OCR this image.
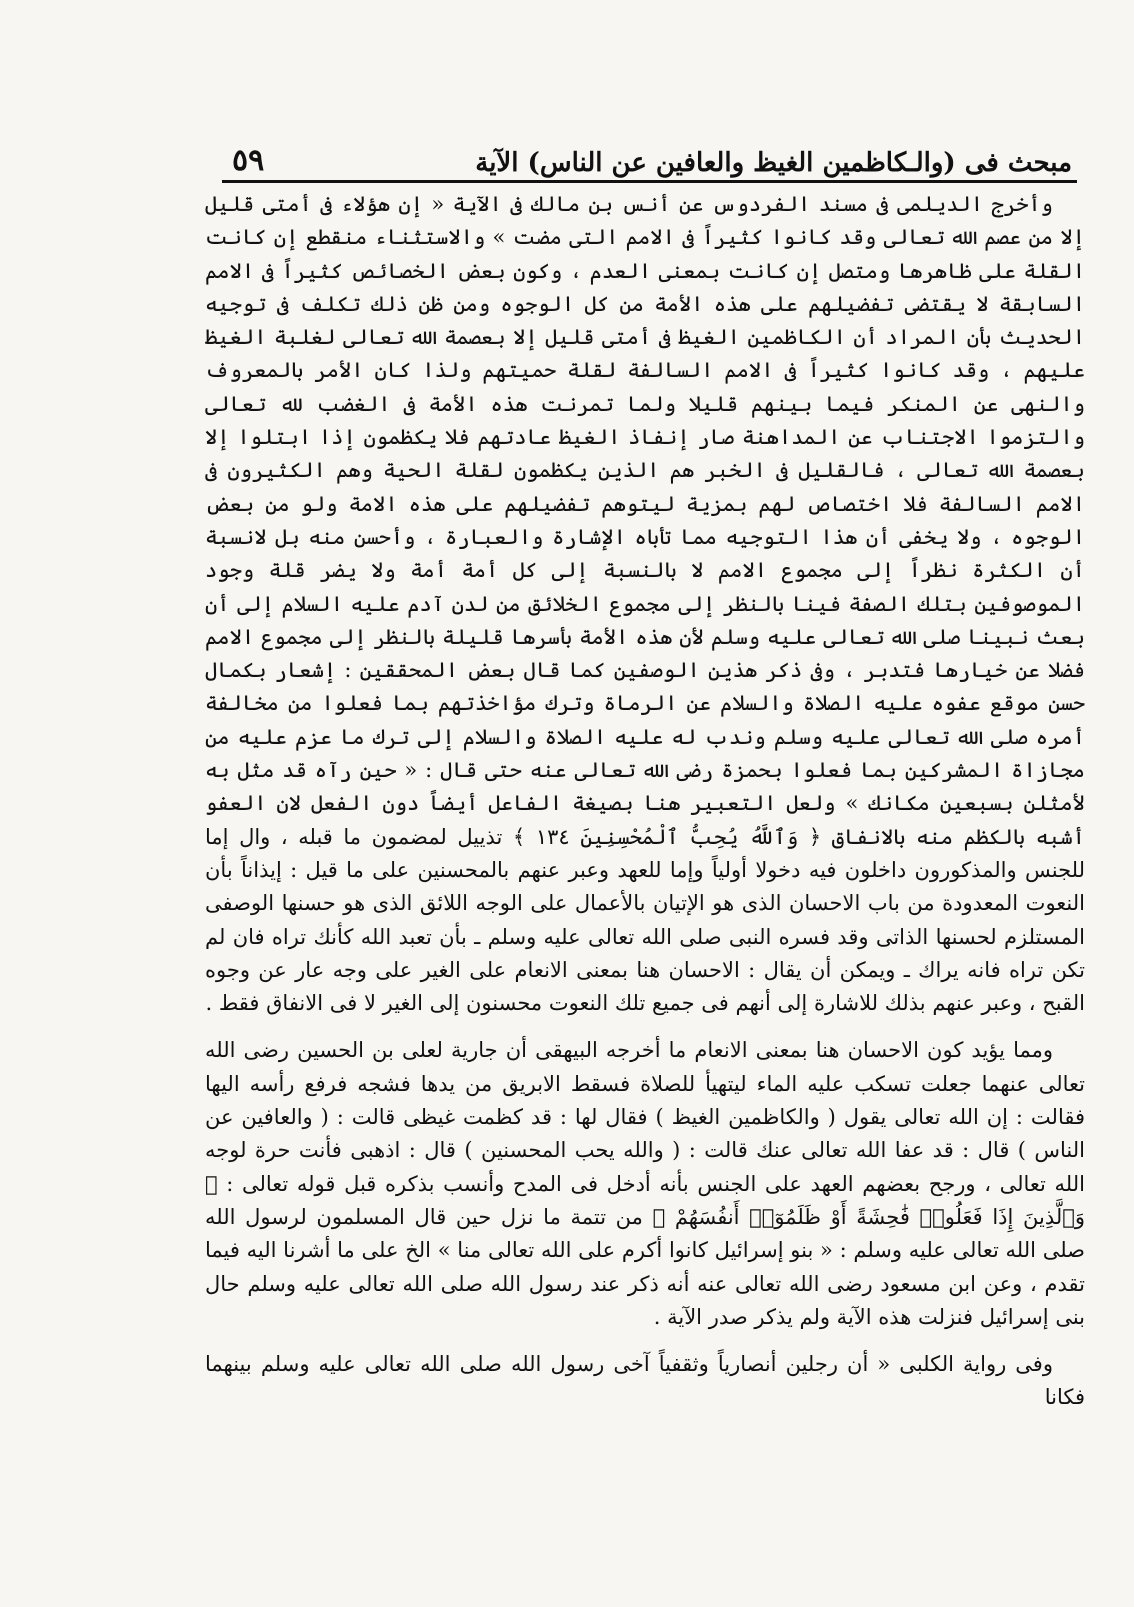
مبحث فى (والـكاظمين الغيظ والعافين عن الناس) الآية
٥٩

وأخرج الديلمى فى مسند الفردوس عن أنس بن مالك فى الآية « إن هؤلاء فى أمتى قليل إلا من عصم الله تعالى وقد كانوا كثيراً فى الامم التى مضت » والاستثناء منقطع إن كانت القلة على ظاهرها ومتصل إن كانت بمعنى العدم ، وكون بعض الخصائص كثيراً فى الامم السابقة لا يقتضى تفضيلهم على هذه الأمة من كل الوجوه ومن ظن ذلك تكلف فى توجيه الحديث بأن المراد أن الكاظمين الغيظ فى أمتى قليل إلا بعصمة الله تعالى لغلبة الغيظ عليهم ، وقد كانوا كثيراً فى الامم السالفة لقلة حميتهم ولذا كان الأمر بالمعروف والنهى عن المنكر فيما بينهم قليلا ولما تمرنت هذه الأمة فى الغضب لله تعالى والتزموا الاجتناب عن المداهنة صار إنفاذ الغيظ عادتهم فلا يكظمون إذا ابتلوا إلا بعصمة الله تعالى ، فالقليل فى الخبر هم الذين يكظمون لقلة الحية وهم الكثيرون فى الامم السالفة فلا اختصاص لهم بمزية ليتوهم تفضيلهم على هذه الامة ولو من بعض الوجوه ، ولا يخفى أن هذا التوجيه مما تأباه الإشارة والعبارة ، وأحسن منه بل لانسبة أن الكثرة نظراً إلى مجموع الامم لا بالنسبة إلى كل أمة أمة ولا يضر قلة وجود الموصوفين بتلك الصفة فينا بالنظر إلى مجموع الخلائق من لدن آدم عليه السلام إلى أن بعث نبينا صلى الله تعالى عليه وسلم لأن هذه الأمة بأسرها قليلة بالنظر إلى مجموع الامم فضلا عن خيارها فتدبر ، وفى ذكر هذين الوصفين كما قال بعض المحققين : إشعار بكمال حسن موقع عفوه عليه الصلاة والسلام عن الرماة وترك مؤاخذتهم بما فعلوا من مخالفة أمره صلى الله تعالى عليه وسلم وندب له عليه الصلاة والسلام إلى ترك ما عزم عليه من مجازاة المشركين بما فعلوا بحمزة رضى الله تعالى عنه حتى قال : « حين رآه قد مثل به لأمثلن بسبعين مكانك » ولعل التعبير هنا بصيغة الفاعل أيضاً دون الفعل لان العفو أشبه بالكظم منه بالانفاق ﴿ وَٱللَّهُ يُحِبُّ ٱلْمُحْسِنِينَ ١٣٤ ﴾ تذييل لمضمون ما قبله ، وال إما للجنس والمذكورون داخلون فيه دخولا أولياً وإما للعهد وعبر عنهم بالمحسنين على ما قيل : إيذاناً بأن النعوت المعدودة من باب الاحسان الذى هو الإتيان بالأعمال على الوجه اللائق الذى هو حسنها الوصفى المستلزم لحسنها الذاتى وقد فسره النبى صلى الله تعالى عليه وسلم ـ بأن تعبد الله كأنك تراه فان لم تكن تراه فانه يراك ـ ويمكن أن يقال : الاحسان هنا بمعنى الانعام على الغير على وجه عار عن وجوه القبح ، وعبر عنهم بذلك للاشارة إلى أنهم فى جميع تلك النعوت محسنون إلى الغير لا فى الانفاق فقط .

ومما يؤيد كون الاحسان هنا بمعنى الانعام ما أخرجه البيهقى أن جارية لعلى بن الحسين رضى الله تعالى عنهما جعلت تسكب عليه الماء ليتهيأ للصلاة فسقط الابريق من يدها فشجه فرفع رأسه اليها فقالت : إن الله تعالى يقول ( والكاظمين الغيظ ) فقال لها : قد كظمت غيظى قالت : ( والعافين عن الناس ) قال : قد عفا الله تعالى عنك قالت : ( والله يحب المحسنين ) قال : اذهبى فأنت حرة لوجه الله تعالى ، ورجح بعضهم العهد على الجنس بأنه أدخل فى المدح وأنسب بذكره قبل قوله تعالى : ﴿ وَٱلَّذِينَ إِذَا فَعَلُوا۟ فَٰحِشَةً أَوْ ظَلَمُوٓا۟ أَنفُسَهُمْ ﴾ من تتمة ما نزل حين قال المسلمون لرسول الله صلى الله تعالى عليه وسلم : « بنو إسرائيل كانوا أكرم على الله تعالى منا » الخ على ما أشرنا اليه فيما تقدم ، وعن ابن مسعود رضى الله تعالى عنه أنه ذكر عند رسول الله صلى الله تعالى عليه وسلم حال بنى إسرائيل فنزلت هذه الآية ولم يذكر صدر الآية .

وفى رواية الكلبى « أن رجلين أنصارياً وثقفياً آخى رسول الله صلى الله تعالى عليه وسلم بينهما فكانا
